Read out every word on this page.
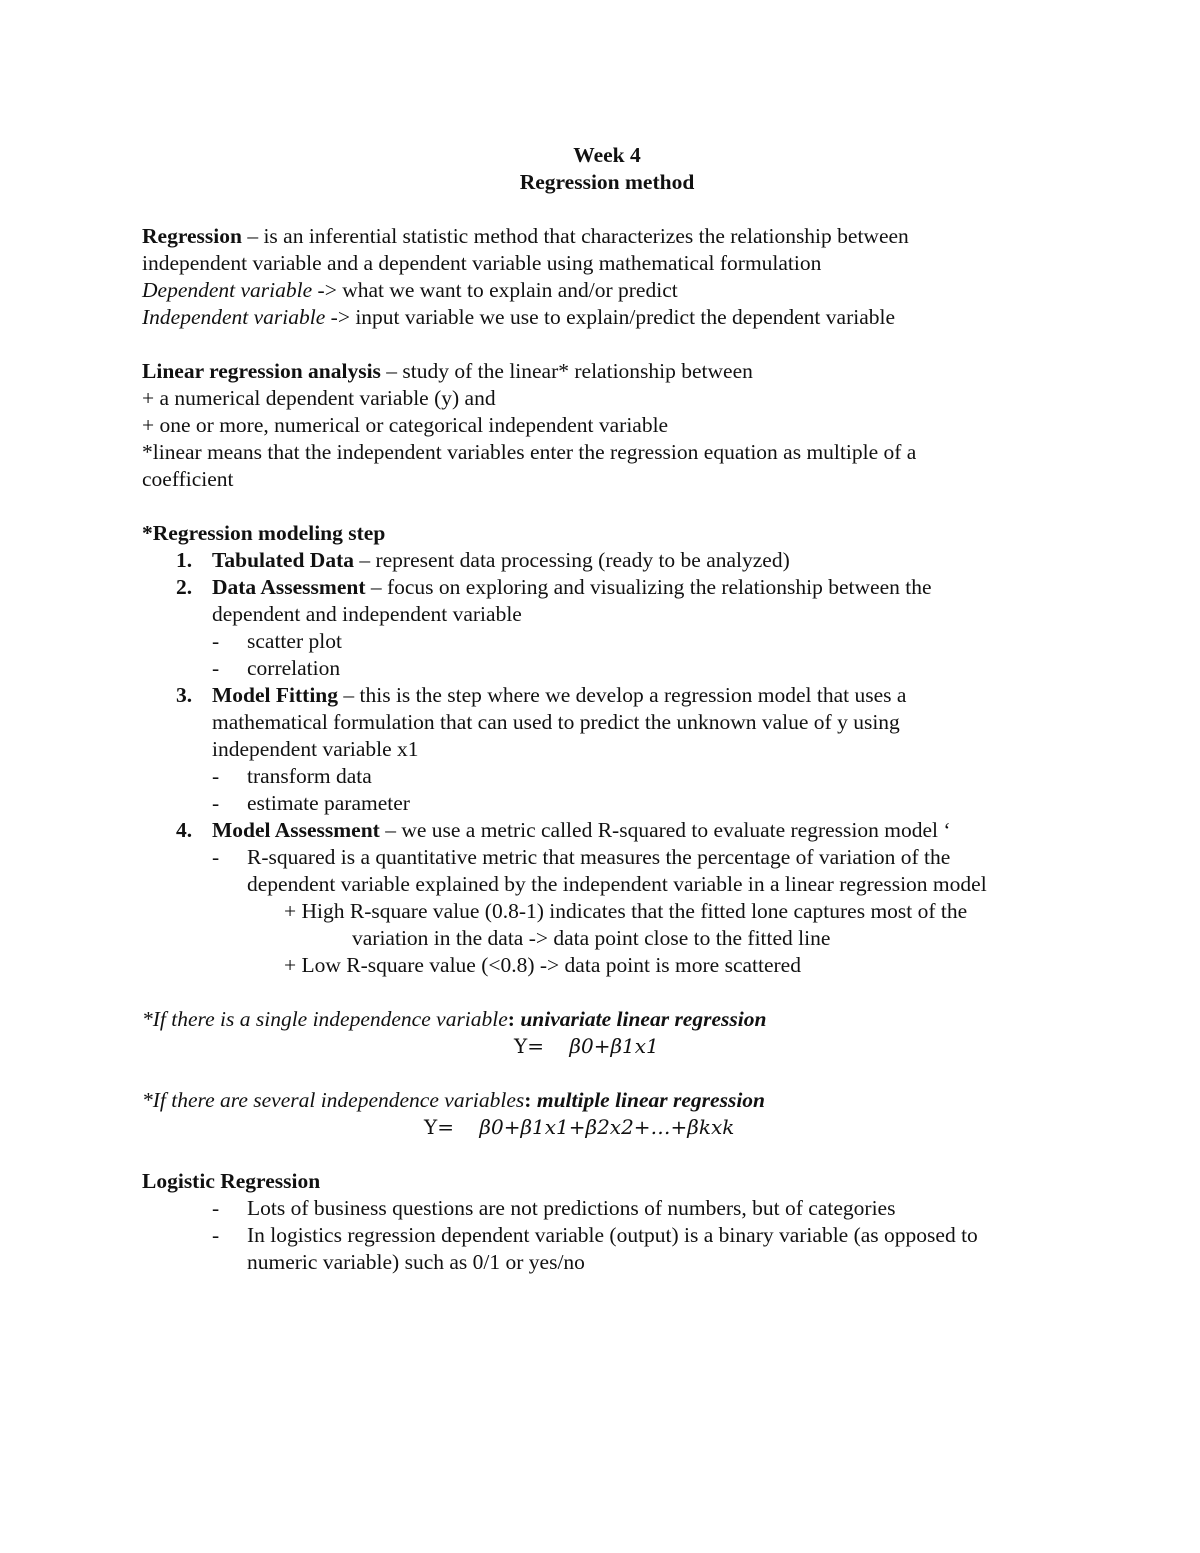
Week 4
Regression method
Regression – is an inferential statistic method that characterizes the relationship between
independent variable and a dependent variable using mathematical formulation
Dependent variable -> what we want to explain and/or predict
Independent variable -> input variable we use to explain/predict the dependent variable
Linear regression analysis – study of the linear* relationship between
+ a numerical dependent variable (y) and
+ one or more, numerical or categorical independent variable
*linear means that the independent variables enter the regression equation as multiple of a
coefficient
*Regression modeling step
1. Tabulated Data – represent data processing (ready to be analyzed)
2. Data Assessment – focus on exploring and visualizing the relationship between the
dependent and independent variable
-	scatter plot
-	correlation
3. Model Fitting – this is the step where we develop a regression model that uses a
mathematical formulation that can used to predict the unknown value of y using
independent variable x1
-	transform data
-	estimate parameter
4. Model Assessment – we use a metric called R-squared to evaluate regression model ‘
-	R-squared is a quantitative metric that measures the percentage of variation of the
dependent variable explained by the independent variable in a linear regression model
+ High R-square value (0.8-1) indicates that the fitted lone captures most of the
variation in the data -> data point close to the fitted line
+ Low R-square value (<0.8) -> data point is more scattered
*If there is a single independence variable: univariate linear regression
Y= β0+β1x1
*If there are several independence variables: multiple linear regression
Y= β0+β1x1+β2x2+…+βkxk
Logistic Regression
-	Lots of business questions are not predictions of numbers, but of categories
-	In logistics regression dependent variable (output) is a binary variable (as opposed to
numeric variable) such as 0/1 or yes/no
